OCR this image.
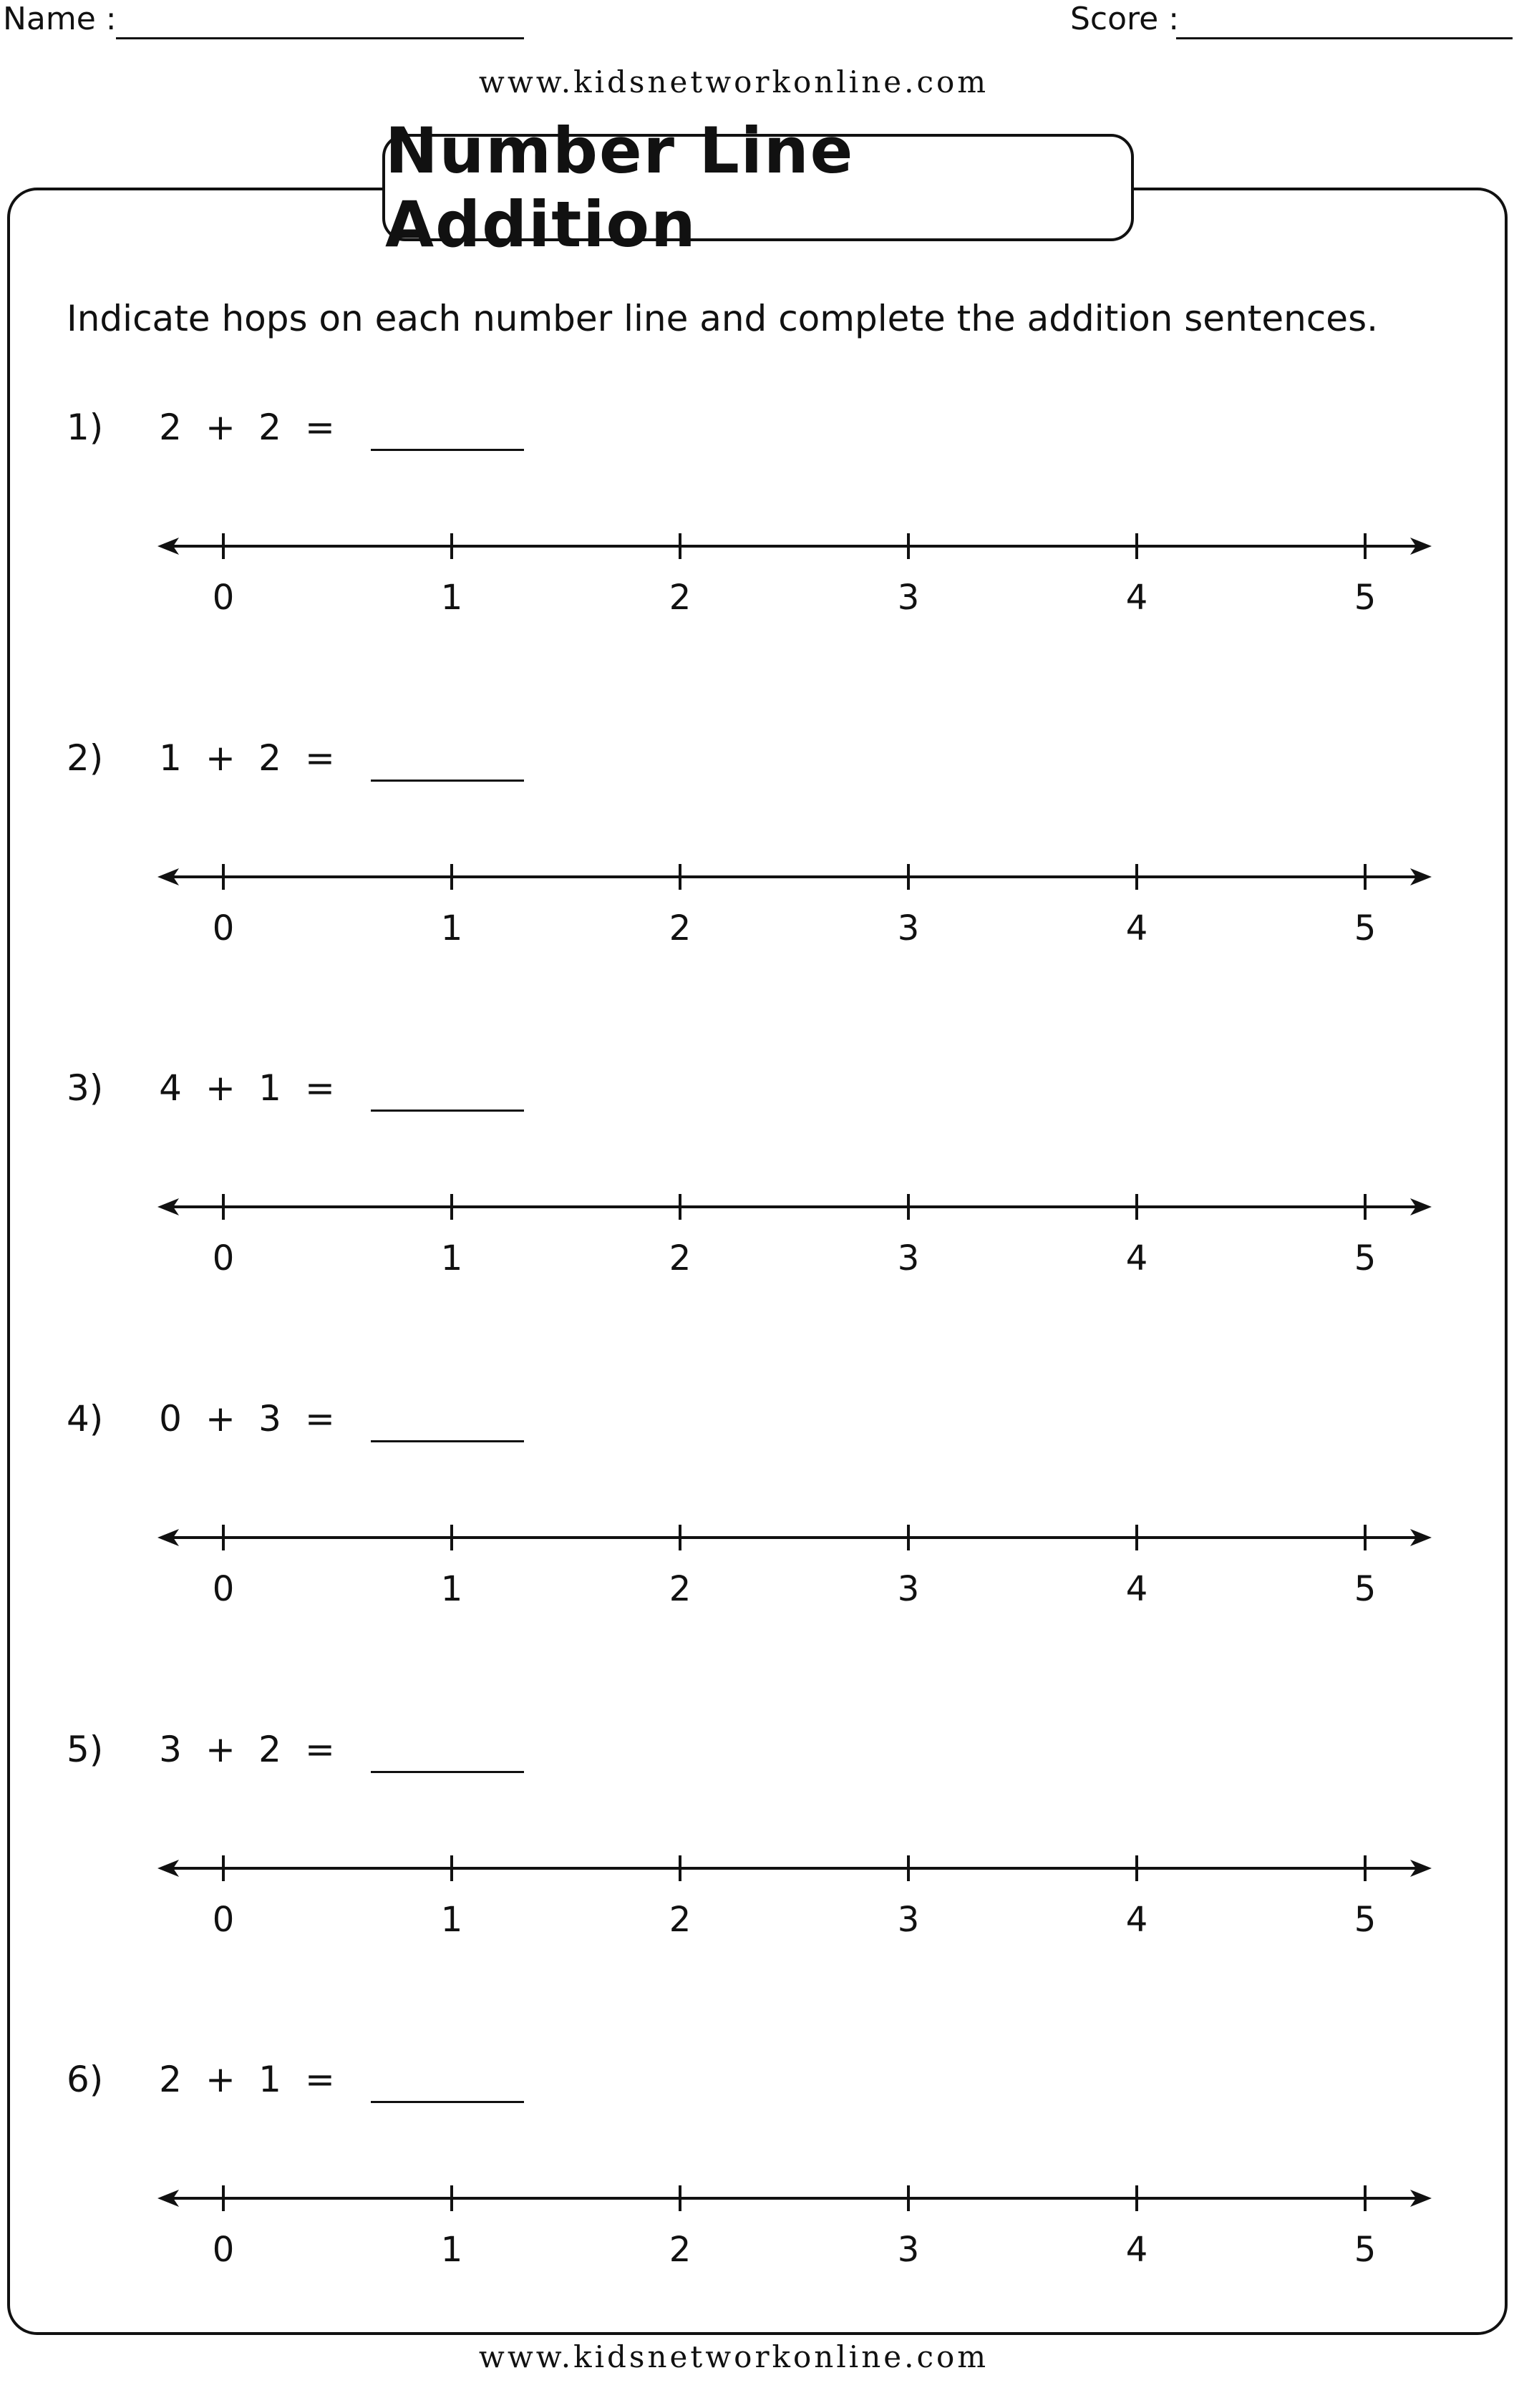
Name :	Score :
www.kidsnetworkonline.com
Number Line Addition
Indicate hops on each number line and complete the addition sentences.
1) 2 + 2 =
0	1	2	3	4	5
2) 1 + 2 =
0	1	2	3	4	5
3) 4 + 1 =
0	1	2	3	4	5
4) 0 + 3 =
0	1	2	3	4	5
5) 3 + 2 =
0	1	2	3	4	5
6) 2 + 1 =
0	1	2	3	4	5
www.kidsnetworkonline.com
